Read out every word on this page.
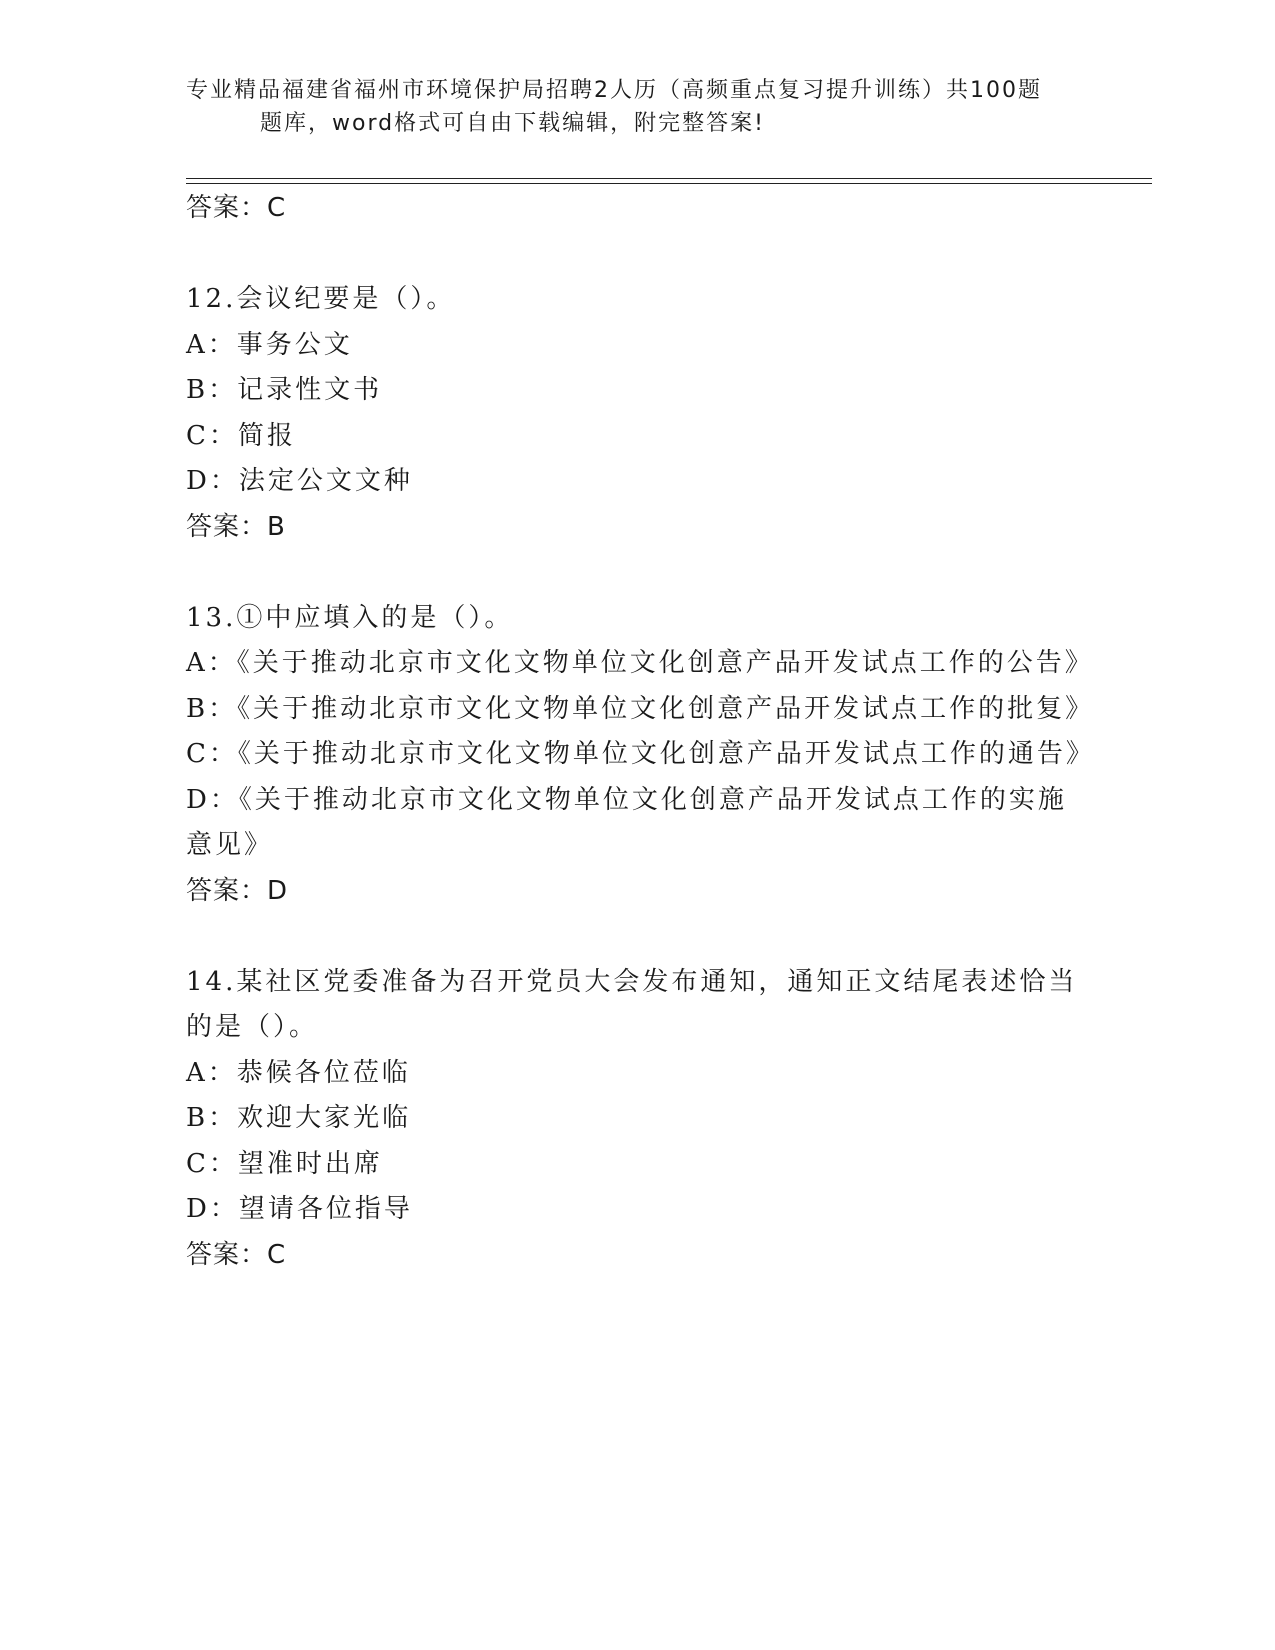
专业精品福建省福州市环境保护局招聘2人历（高频重点复习提升训练）共100题
题库，word格式可自由下载编辑，附完整答案!
答案：C
12.会议纪要是（）。
A：事务公文
B：记录性文书
C：简报
D：法定公文文种
答案：B
13.①中应填入的是（）。
A：《关于推动北京市文化文物单位文化创意产品开发试点工作的公告》
B：《关于推动北京市文化文物单位文化创意产品开发试点工作的批复》
C：《关于推动北京市文化文物单位文化创意产品开发试点工作的通告》
D：《关于推动北京市文化文物单位文化创意产品开发试点工作的实施意见》
答案：D
14.某社区党委准备为召开党员大会发布通知，通知正文结尾表述恰当的是（）。
A：恭候各位莅临
B：欢迎大家光临
C：望准时出席
D：望请各位指导
答案：C
